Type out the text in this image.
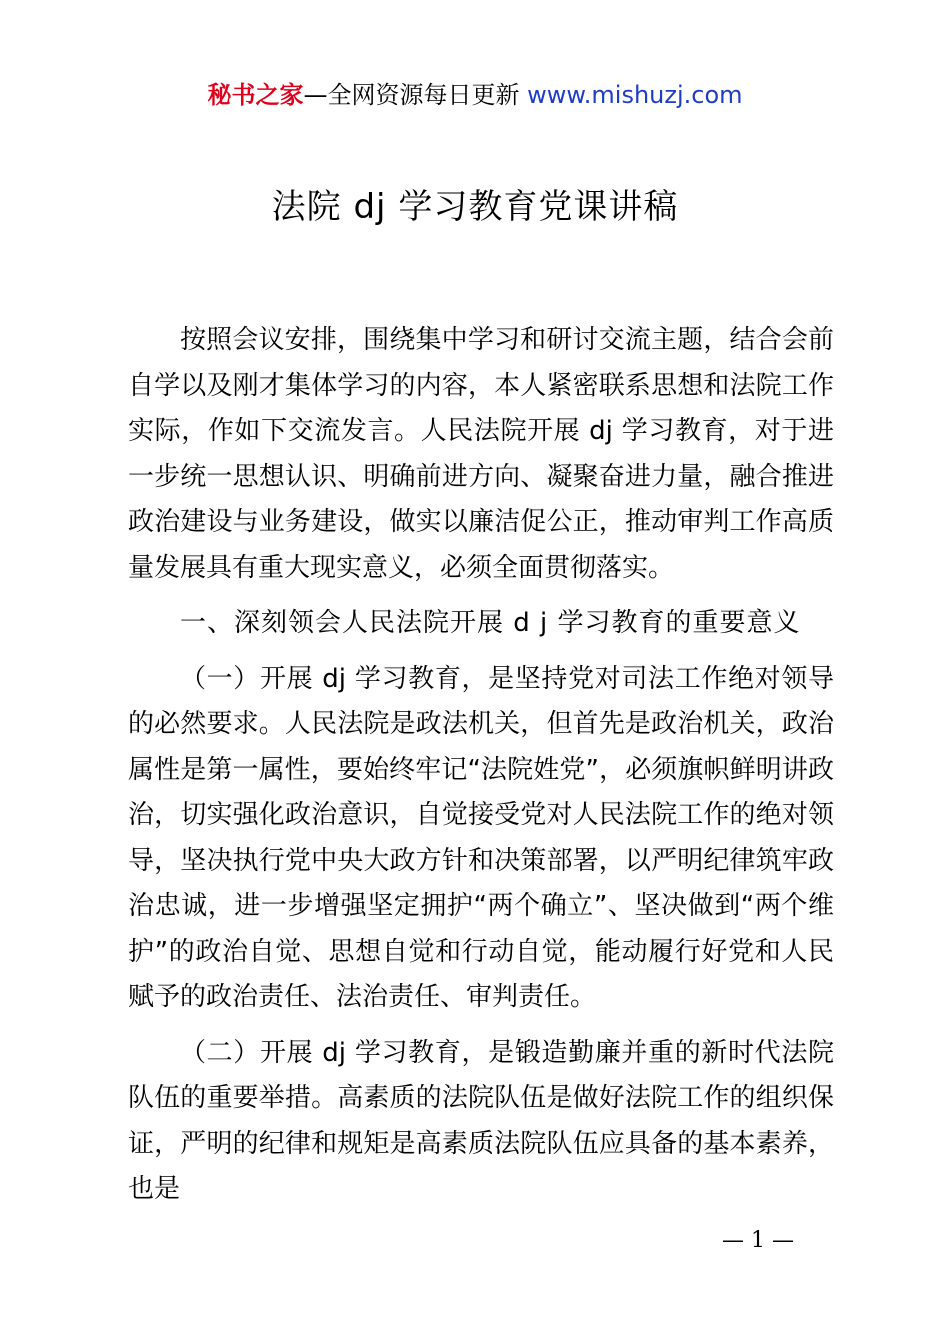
秘书之家—全网资源每日更新 www.mishuzj.com
法院 dj 学习教育党课讲稿

按照会议安排，围绕集中学习和研讨交流主题，结合会前自学以及刚才集体学习的内容，本人紧密联系思想和法院工作实际，作如下交流发言。人民法院开展 dj 学习教育，对于进一步统一思想认识、明确前进方向、凝聚奋进力量，融合推进政治建设与业务建设，做实以廉洁促公正，推动审判工作高质量发展具有重大现实意义，必须全面贯彻落实。

一、深刻领会人民法院开展 d j 学习教育的重要意义

（一）开展 dj 学习教育，是坚持党对司法工作绝对领导的必然要求。人民法院是政法机关，但首先是政治机关，政治属性是第一属性，要始终牢记“法院姓党”，必须旗帜鲜明讲政治，切实强化政治意识，自觉接受党对人民法院工作的绝对领导，坚决执行党中央大政方针和决策部署，以严明纪律筑牢政治忠诚，进一步增强坚定拥护“两个确立”、坚决做到“两个维护”的政治自觉、思想自觉和行动自觉，能动履行好党和人民赋予的政治责任、法治责任、审判责任。

（二）开展 dj 学习教育，是锻造勤廉并重的新时代法院队伍的重要举措。高素质的法院队伍是做好法院工作的组织保证，严明的纪律和规矩是高素质法院队伍应具备的基本素养，也是

— 1 —
